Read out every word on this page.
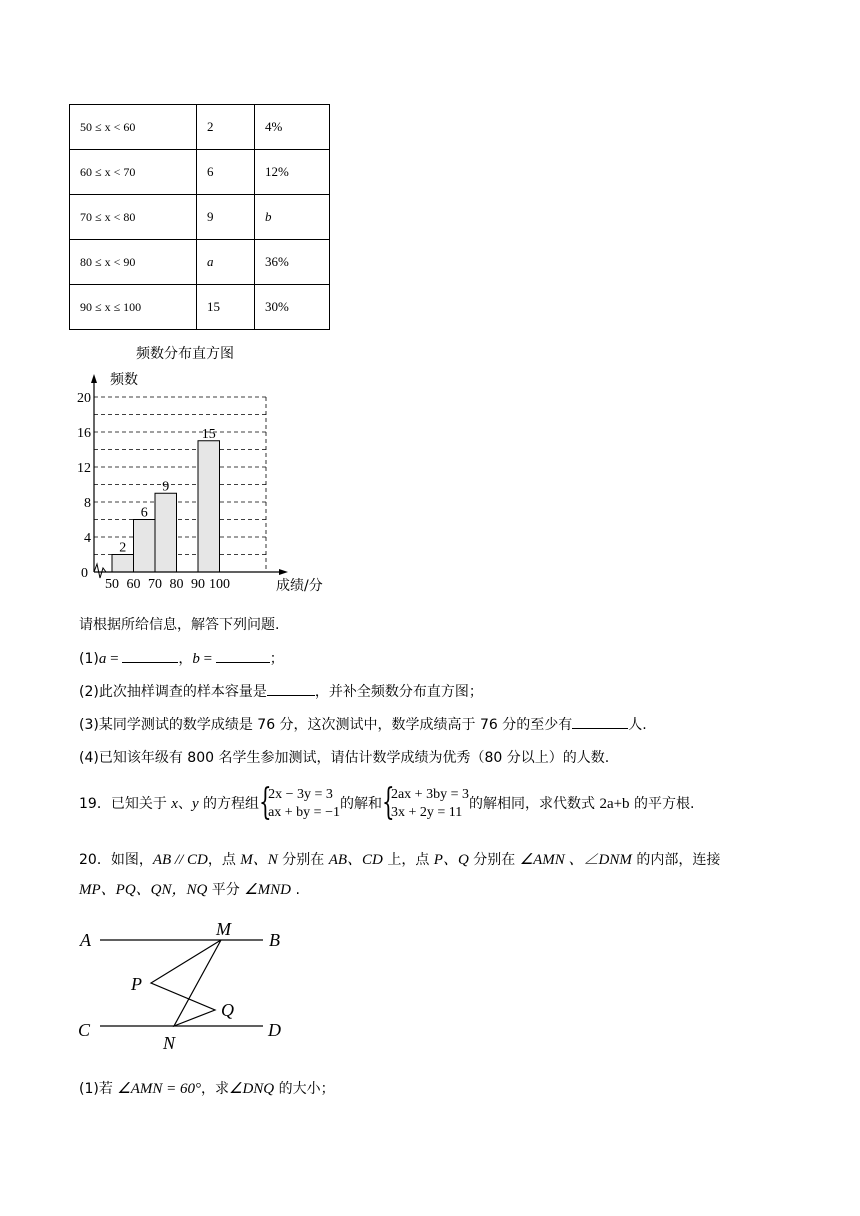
50 ≤ x < 60	2	4%
60 ≤ x < 70	6	12%
70 ≤ x < 80	9	b
80 ≤ x < 90	a	36%
90 ≤ x ≤ 100	15	30%
频数分布直方图
频数
成绩/分
2
6
9
15
0
4
8
12
16
20
50 60 70 80 90 100
请根据所给信息，解答下列问题.
(1)a =	，b =	；
(2)此次抽样调查的样本容量是	，并补全频数分布直方图；
(3)某同学测试的数学成绩是 76 分，这次测试中，数学成绩高于 76 分的至少有	人.
(4)已知该年级有 800 名学生参加测试，请估计数学成绩为优秀（80 分以上）的人数.
19．已知关于 x、y 的方程组 {
2x − 3y = 3
ax + by = −1
的解和 {
2ax + 3by = 3
3x + 2y = 11
的解相同，求代数式 2a+b 的平方根.
20．如图，AB // CD，点 M、N 分别在 AB、CD 上，点 P、Q 分别在 ∠AMN 、∠DNM 的内部，连接
MP、PQ、QN，NQ 平分 ∠MND .
A	B
M
P
Q
C	D
N
(1)若 ∠AMN = 60°，求∠DNQ 的大小；
